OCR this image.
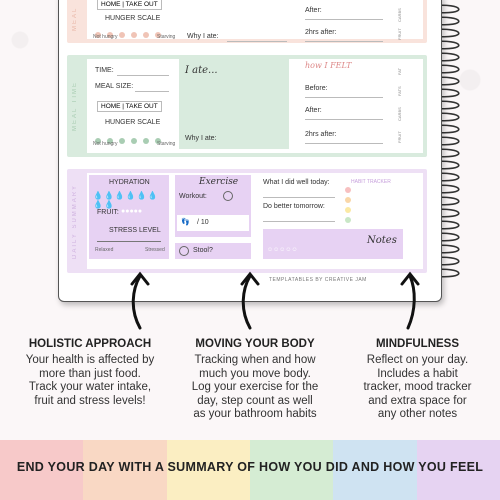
MEAL
HOME | TAKE OUT
HUNGER SCALE
Not hungry	Starving Why I ate:
After:
2hrs after:
CARBS
FRUIT
MEAL TIME
TIME:
MEAL SIZE:
HOME | TAKE OUT
HUNGER SCALE
Not hungry	Starving
I ate...
Why I ate:
how I FELT
Before:
After:
2hrs after:
FAT
FATS
CARBS
FRUIT
DAILY SUMMARY
HYDRATION
💧💧💧💧💧💧💧💧
FRUIT: ●●●●●
STRESS LEVEL
Relaxed	Stressed
Exercise
Workout:
👣 / 10
Stool?
What I did well today:
Do better tomorrow:
HABIT TRACKER
☺☺☺☺☺
Notes
TEMPLATABLES BY CREATIVE JAM
HOLISTIC APPROACH

Your health is affected by

more than just food.

Track your water intake,

fruit and stress levels!

MOVING YOUR BODY

Tracking when and how

much you move body.

Log your exercise for the

day, step count as well

as your bathroom habits

MINDFULNESS

Reflect on your day.

Includes a habit

tracker, mood tracker

and extra space for

any other notes

END YOUR DAY WITH A SUMMARY OF HOW YOU DID AND HOW YOU FEEL
